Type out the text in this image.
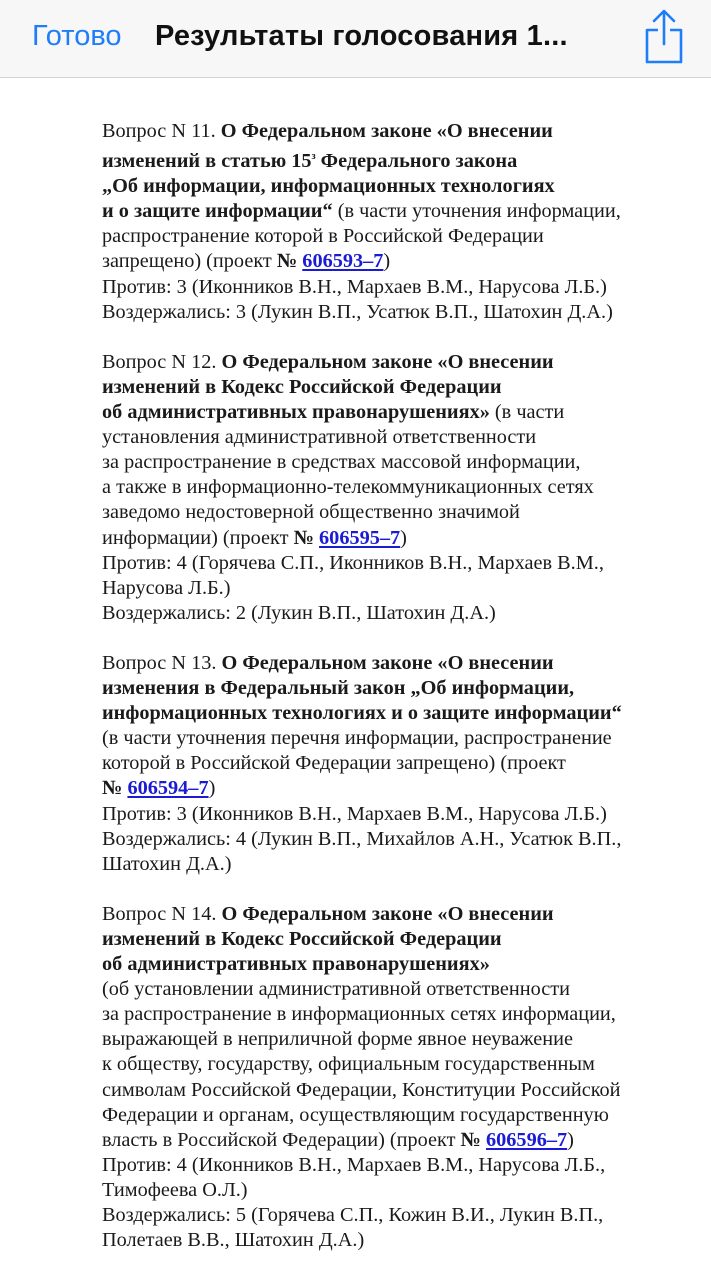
Готово Результаты голосования 1...
Вопрос N 11. О Федеральном законе «О внесении
изменений в статью $15^з$ Федерального закона
„Об информации, информационных технологиях
и о защите информации“ (в части уточнения информации,
распространение которой в Российской Федерации
запрещено) (проект № 606593–7)
Против: 3 (Иконников В.Н., Мархаев В.М., Нарусова Л.Б.)
Воздержались: 3 (Лукин В.П., Усатюк В.П., Шатохин Д.А.)
Вопрос N 12. О Федеральном законе «О внесении
изменений в Кодекс Российской Федерации
об административных правонарушениях» (в части
установления административной ответственности
за распространение в средствах массовой информации,
а также в информационно-телекоммуникационных сетях
заведомо недостоверной общественно значимой
информации) (проект № 606595–7)
Против: 4 (Горячева С.П., Иконников В.Н., Мархаев В.М.,
Нарусова Л.Б.)
Воздержались: 2 (Лукин В.П., Шатохин Д.А.)
Вопрос N 13. О Федеральном законе «О внесении
изменения в Федеральный закон „Об информации,
информационных технологиях и о защите информации“
(в части уточнения перечня информации, распространение
которой в Российской Федерации запрещено) (проект
№ 606594–7)
Против: 3 (Иконников В.Н., Мархаев В.М., Нарусова Л.Б.)
Воздержались: 4 (Лукин В.П., Михайлов А.Н., Усатюк В.П.,
Шатохин Д.А.)
Вопрос N 14. О Федеральном законе «О внесении
изменений в Кодекс Российской Федерации
об административных правонарушениях»
(об установлении административной ответственности
за распространение в информационных сетях информации,
выражающей в неприличной форме явное неуважение
к обществу, государству, официальным государственным
символам Российской Федерации, Конституции Российской
Федерации и органам, осуществляющим государственную
власть в Российской Федерации) (проект № 606596–7)
Против: 4 (Иконников В.Н., Мархаев В.М., Нарусова Л.Б.,
Тимофеева О.Л.)
Воздержались: 5 (Горячева С.П., Кожин В.И., Лукин В.П.,
Полетаев В.В., Шатохин Д.А.)
